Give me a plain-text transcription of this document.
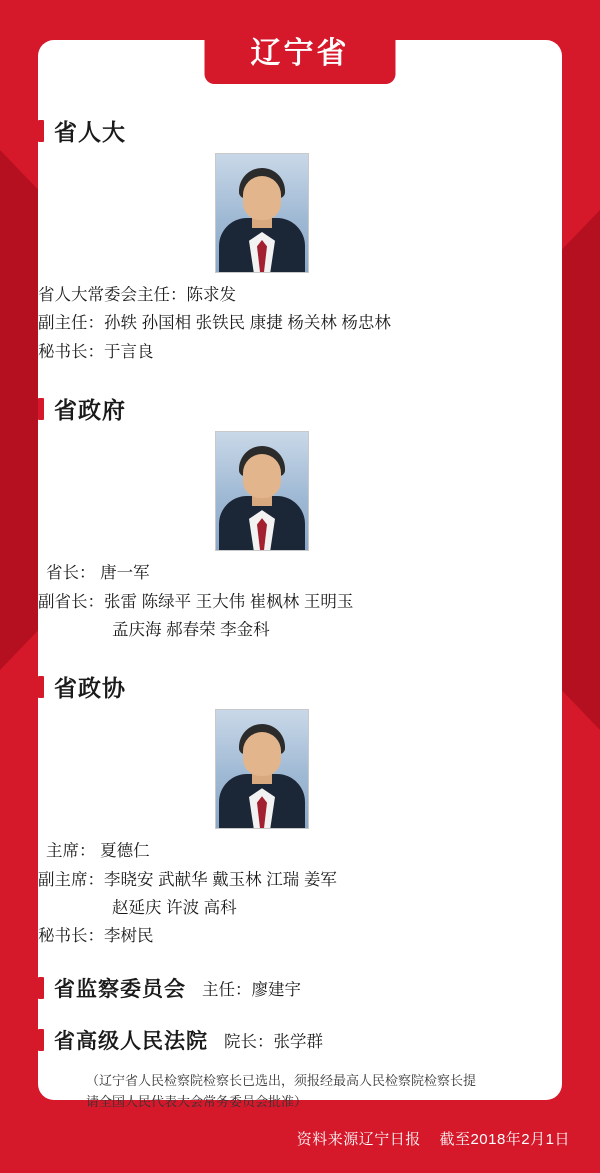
辽宁省
省人大
省人大常委会主任：陈求发
副主任：孙轶 孙国相 张铁民 康捷 杨关林 杨忠林
秘书长：于言良
省政府
省长： 唐一军
副省长：张雷 陈绿平 王大伟 崔枫林 王明玉
孟庆海 郝春荣 李金科
省政协
主席： 夏德仁
副主席：李晓安 武献华 戴玉林 江瑞 姜军
赵延庆 许波 高科
秘书长：李树民
省监察委员会 主任：廖建宇
省高级人民法院 院长：张学群
（辽宁省人民检察院检察长已选出，须报经最高人民检察院检察长提请全国人民代表大会常务委员会批准）
资料来源辽宁日报 截至2018年2月1日
